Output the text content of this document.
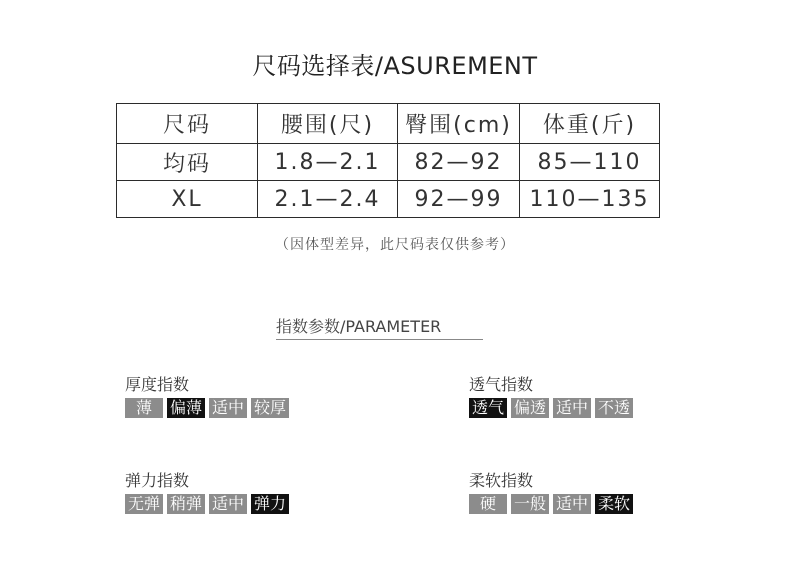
尺码选择表/ASUREMENT
尺码	腰围(尺)	臀围(cm)	体重(斤)
均码	1.8—2.1	82—92	85—110
XL	2.1—2.4	92—99	110—135
（因体型差异，此尺码表仅供参考）
指数参数/PARAMETER
厚度指数
薄	偏薄 适中 较厚
透气指数
透气 偏透 适中 不透
弹力指数
无弹 稍弹 适中 弹力
柔软指数
硬	一般 适中 柔软
